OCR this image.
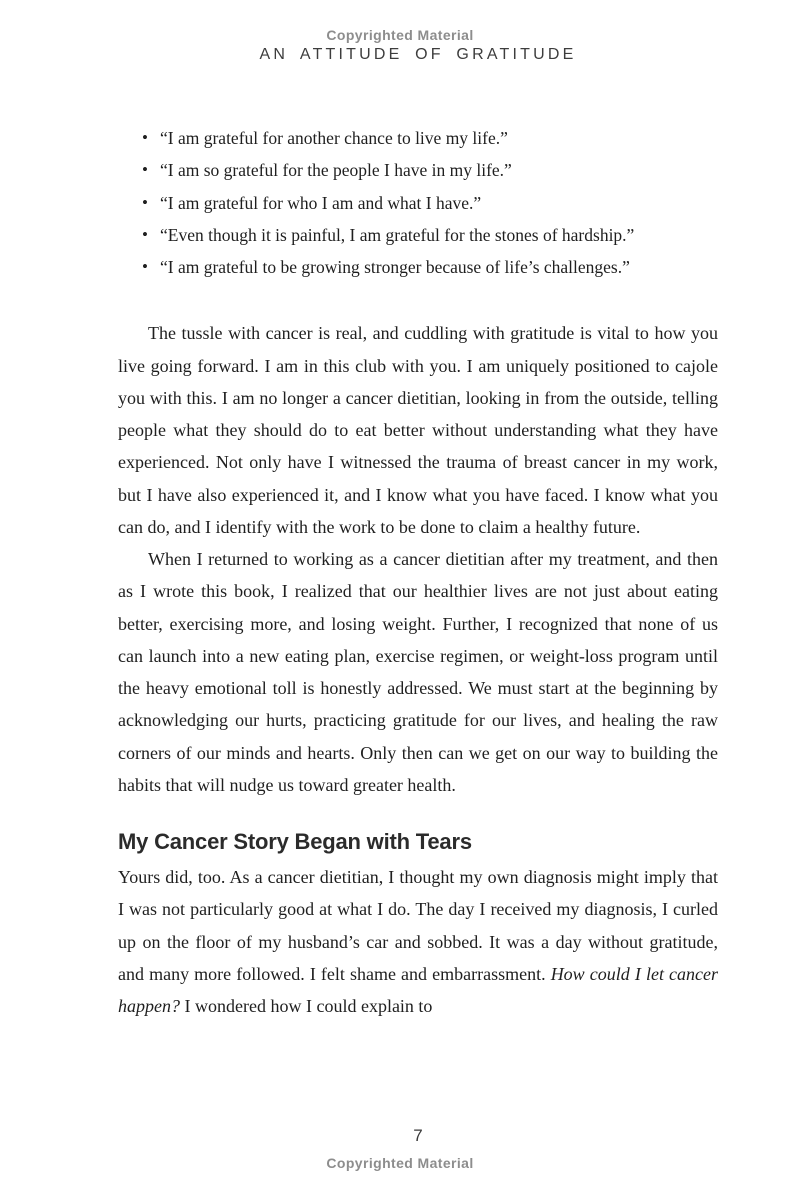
Copyrighted Material
AN ATTITUDE OF GRATITUDE
• “I am grateful for another chance to live my life.”
• “I am so grateful for the people I have in my life.”
• “I am grateful for who I am and what I have.”
• “Even though it is painful, I am grateful for the stones of hardship.”
• “I am grateful to be growing stronger because of life’s challenges.”

The tussle with cancer is real, and cuddling with gratitude is vital to how you live going forward. I am in this club with you. I am uniquely positioned to cajole you with this. I am no longer a cancer dietitian, looking in from the outside, telling people what they should do to eat better without understanding what they have experienced. Not only have I witnessed the trauma of breast cancer in my work, but I have also experienced it, and I know what you have faced. I know what you can do, and I identify with the work to be done to claim a healthy future.

When I returned to working as a cancer dietitian after my treatment, and then as I wrote this book, I realized that our healthier lives are not just about eating better, exercising more, and losing weight. Further, I recognized that none of us can launch into a new eating plan, exercise regimen, or weight-loss program until the heavy emotional toll is honestly addressed. We must start at the beginning by acknowledging our hurts, practicing gratitude for our lives, and healing the raw corners of our minds and hearts. Only then can we get on our way to building the habits that will nudge us toward greater health.

My Cancer Story Began with Tears

Yours did, too. As a cancer dietitian, I thought my own diagnosis might imply that I was not particularly good at what I do. The day I received my diagnosis, I curled up on the floor of my husband’s car and sobbed. It was a day without gratitude, and many more followed. I felt shame and embarrassment. How could I let cancer happen? I wondered how I could explain to

7
Copyrighted Material
